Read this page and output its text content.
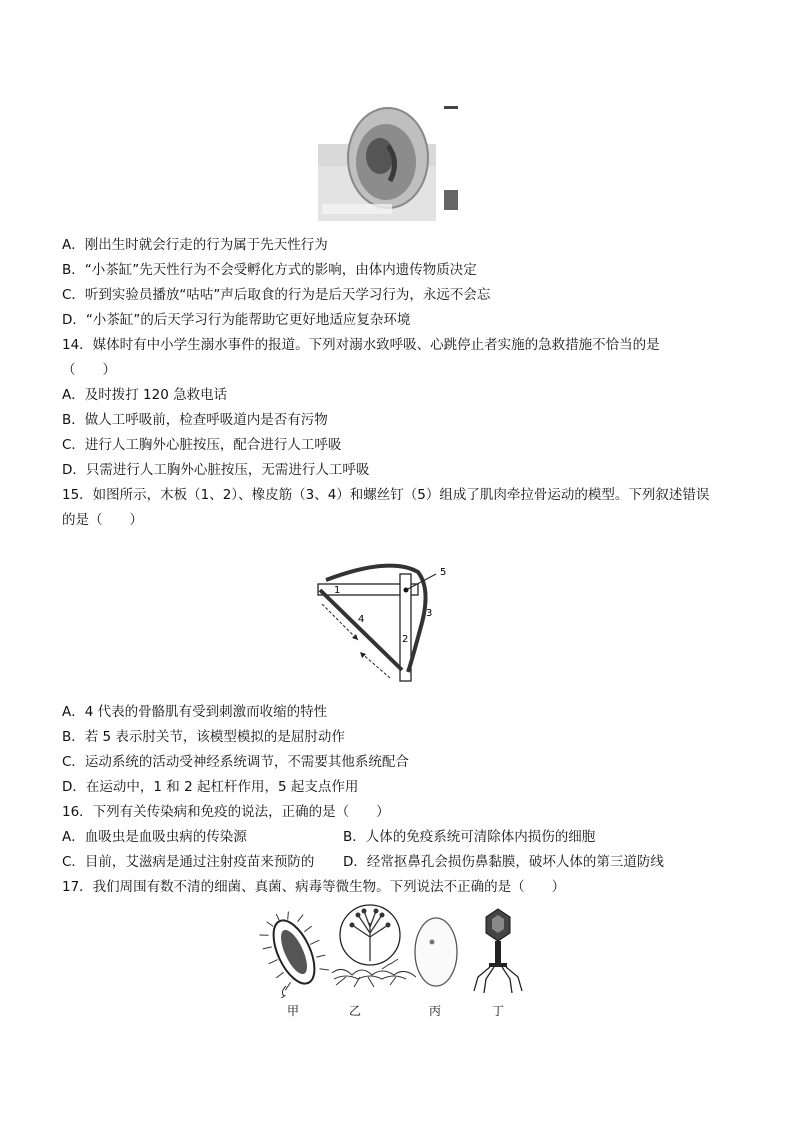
A．刚出生时就会行走的行为属于先天性行为
B．“小茶缸”先天性行为不会受孵化方式的影响，由体内遗传物质决定
C．听到实验员播放“咕咕”声后取食的行为是后天学习行为，永远不会忘
D．“小茶缸”的后天学习行为能帮助它更好地适应复杂环境
14．媒体时有中小学生溺水事件的报道。下列对溺水致呼吸、心跳停止者实施的急救措施不恰当的是
（　　）
A．及时拨打 120 急救电话
B．做人工呼吸前，检查呼吸道内是否有污物
C．进行人工胸外心脏按压，配合进行人工呼吸
D．只需进行人工胸外心脏按压，无需进行人工呼吸
15．如图所示，木板（1、2）、橡皮筋（3、4）和螺丝钉（5）组成了肌肉牵拉骨运动的模型。下列叙述错误
的是（　　）
1
2
3
4
5
A．4 代表的骨骼肌有受到刺激而收缩的特性
B．若 5 表示肘关节，该模型模拟的是屈肘动作
C．运动系统的活动受神经系统调节，不需要其他系统配合
D．在运动中，1 和 2 起杠杆作用，5 起支点作用
16．下列有关传染病和免疫的说法，正确的是（　　）
A．血吸虫是血吸虫病的传染源	B．人体的免疫系统可清除体内损伤的细胞
C．目前，艾滋病是通过注射疫苗来预防的 D．经常抠鼻孔会损伤鼻黏膜，破坏人体的第三道防线
17．我们周围有数不清的细菌、真菌、病毒等微生物。下列说法不正确的是（　　）
甲	乙	丙	丁
